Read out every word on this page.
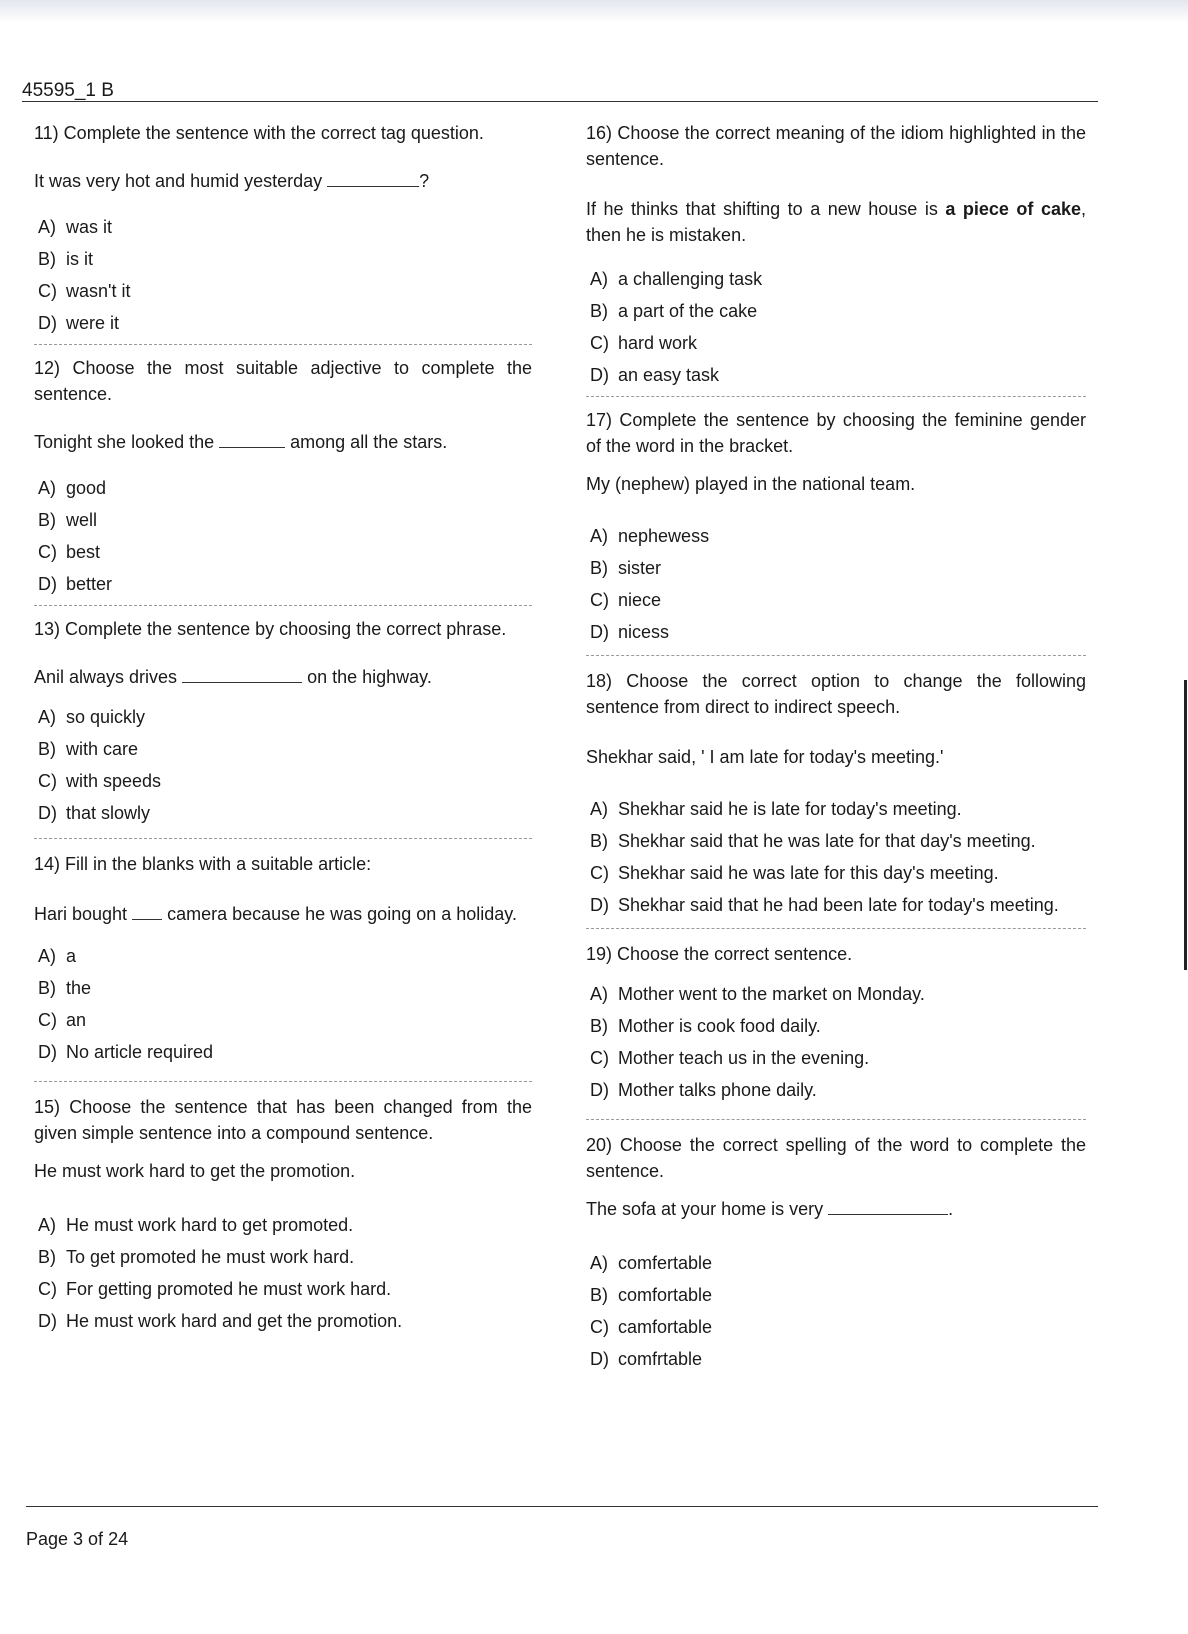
45595_1 B

11) Complete the sentence with the correct tag question.

It was very hot and humid yesterday	?

A) was it
B) is it
C) wasn't it
D) were it

12) Choose the most suitable adjective to complete the sentence.

Tonight she looked the	among all the stars.

A) good
B) well
C) best
D) better

13) Complete the sentence by choosing the correct phrase.

Anil always drives	on the highway.

A) so quickly
B) with care
C) with speeds
D) that slowly

14) Fill in the blanks with a suitable article:

Hari bought  camera because he was going on a holiday.

A) a
B) the
C) an
D) No article required

15) Choose the sentence that has been changed from the given simple sentence into a compound sentence.

He must work hard to get the promotion.

A) He must work hard to get promoted.
B) To get promoted he must work hard.
C) For getting promoted he must work hard.
D) He must work hard and get the promotion.

16) Choose the correct meaning of the idiom highlighted in the sentence.

If he thinks that shifting to a new house is a piece of cake, then he is mistaken.

A) a challenging task
B) a part of the cake
C) hard work
D) an easy task

17) Complete the sentence by choosing the feminine gender of the word in the bracket.

My (nephew) played in the national team.

A) nephewess
B) sister
C) niece
D) nicess

18) Choose the correct option to change the following sentence from direct to indirect speech.

Shekhar said, ' I am late for today's meeting.'

A) Shekhar said he is late for today's meeting.
B) Shekhar said that he was late for that day's meeting.
C) Shekhar said he was late for this day's meeting.
D) Shekhar said that he had been late for today's meeting.

19) Choose the correct sentence.

A) Mother went to the market on Monday.
B) Mother is cook food daily.
C) Mother teach us in the evening.
D) Mother talks phone daily.

20) Choose the correct spelling of the word to complete the sentence.

The sofa at your home is very	.

A) comfertable
B) comfortable
C) camfortable
D) comfrtable
Page 3 of 24
